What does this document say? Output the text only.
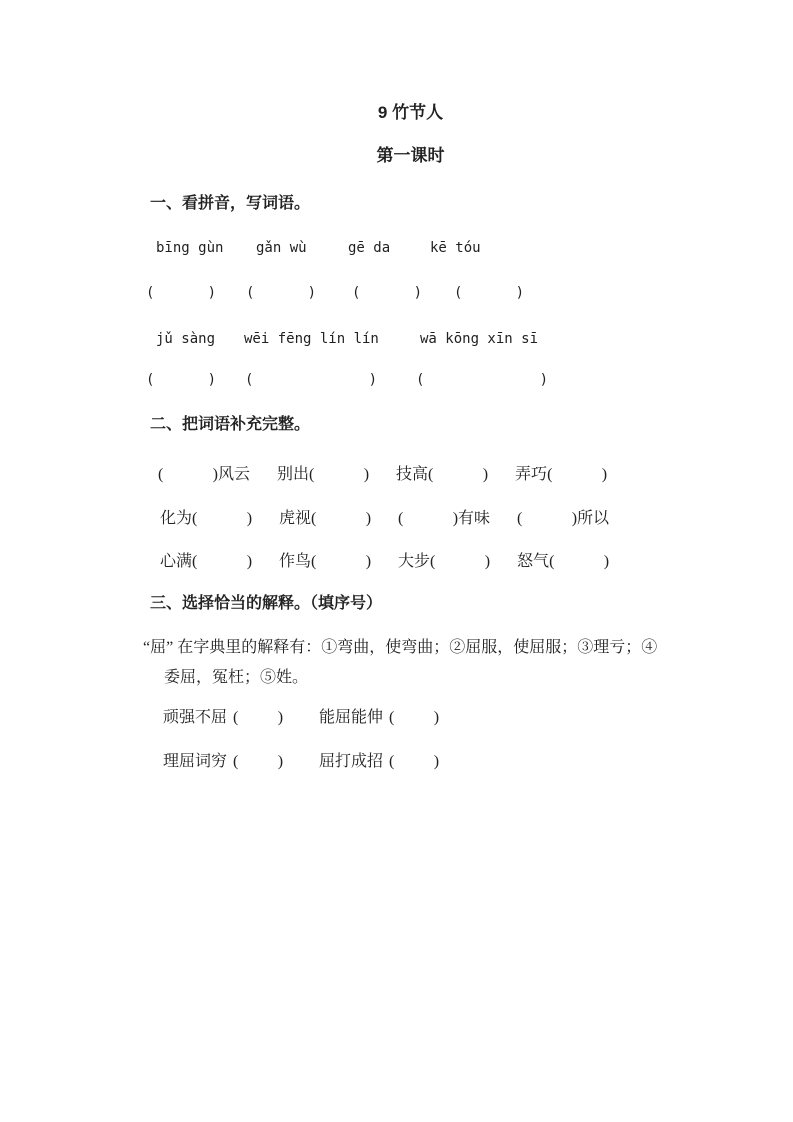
9 竹节人
第一课时
一、看拼音，写词语。
bīng gùn gǎn wù	gē da	kē tóu
(	) (	)	(	) (	)
jǔ sàng wēi fēng lín lín	wā kōng xīn sī
(	) (	)	(	)
二、把词语补充完整。
(	) 风云 别出 (	) 技高 (	) 弄巧 (	)
化为 (	) 虎视 (	) (	) 有味 (	) 所以
心满 (	) 作鸟 (	) 大步 (	) 怒气 (	)
三、选择恰当的解释。（填序号）
“屈” 在字典里的解释有：①弯曲，使弯曲；②屈服，使屈服；③理亏；④
委屈，冤枉；⑤姓。
顽强不屈 ( ) 能屈能伸 ( )
理屈词穷 ( ) 屈打成招 ( )
